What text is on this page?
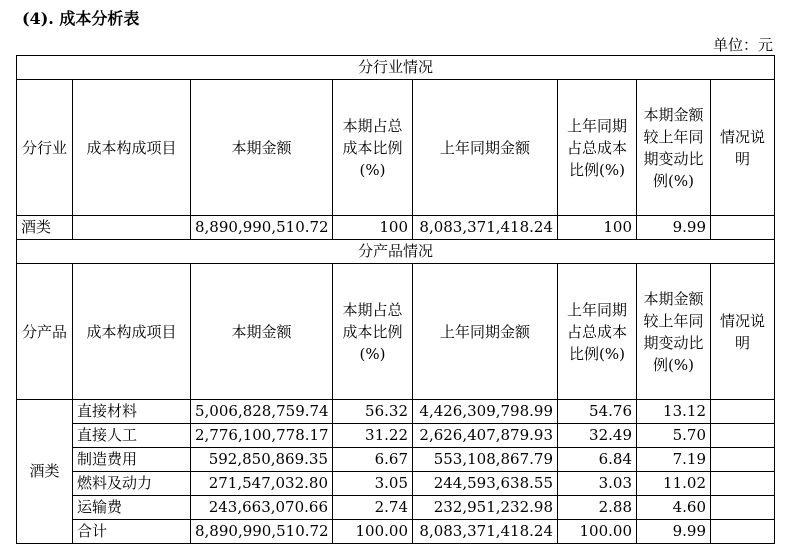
(4). 成本分析表
单位：元
分行业情况							
分行业	成本构成项目	本期金额	本期占总成本比例(%)	上年同期金额	上年同期占总成本比例(%)	本期金额较上年同期变动比例(%)	情况说明
酒类		8,890,990,510.72	100	8,083,371,418.24	100	9.99	
分产品情况							
分产品	成本构成项目	本期金额	本期占总成本比例(%)	上年同期金额	上年同期占总成本比例(%)	本期金额较上年同期变动比例(%)	情况说明
酒类	直接材料	5,006,828,759.74	56.32	4,426,309,798.99	54.76	13.12	
	直接人工	2,776,100,778.17	31.22	2,626,407,879.93	32.49	5.70	
	制造费用	592,850,869.35	6.67	553,108,867.79	6.84	7.19	
	燃料及动力	271,547,032.80	3.05	244,593,638.55	3.03	11.02	
	运输费	243,663,070.66	2.74	232,951,232.98	2.88	4.60	
	合计	8,890,990,510.72	100.00	8,083,371,418.24	100.00	9.99	
